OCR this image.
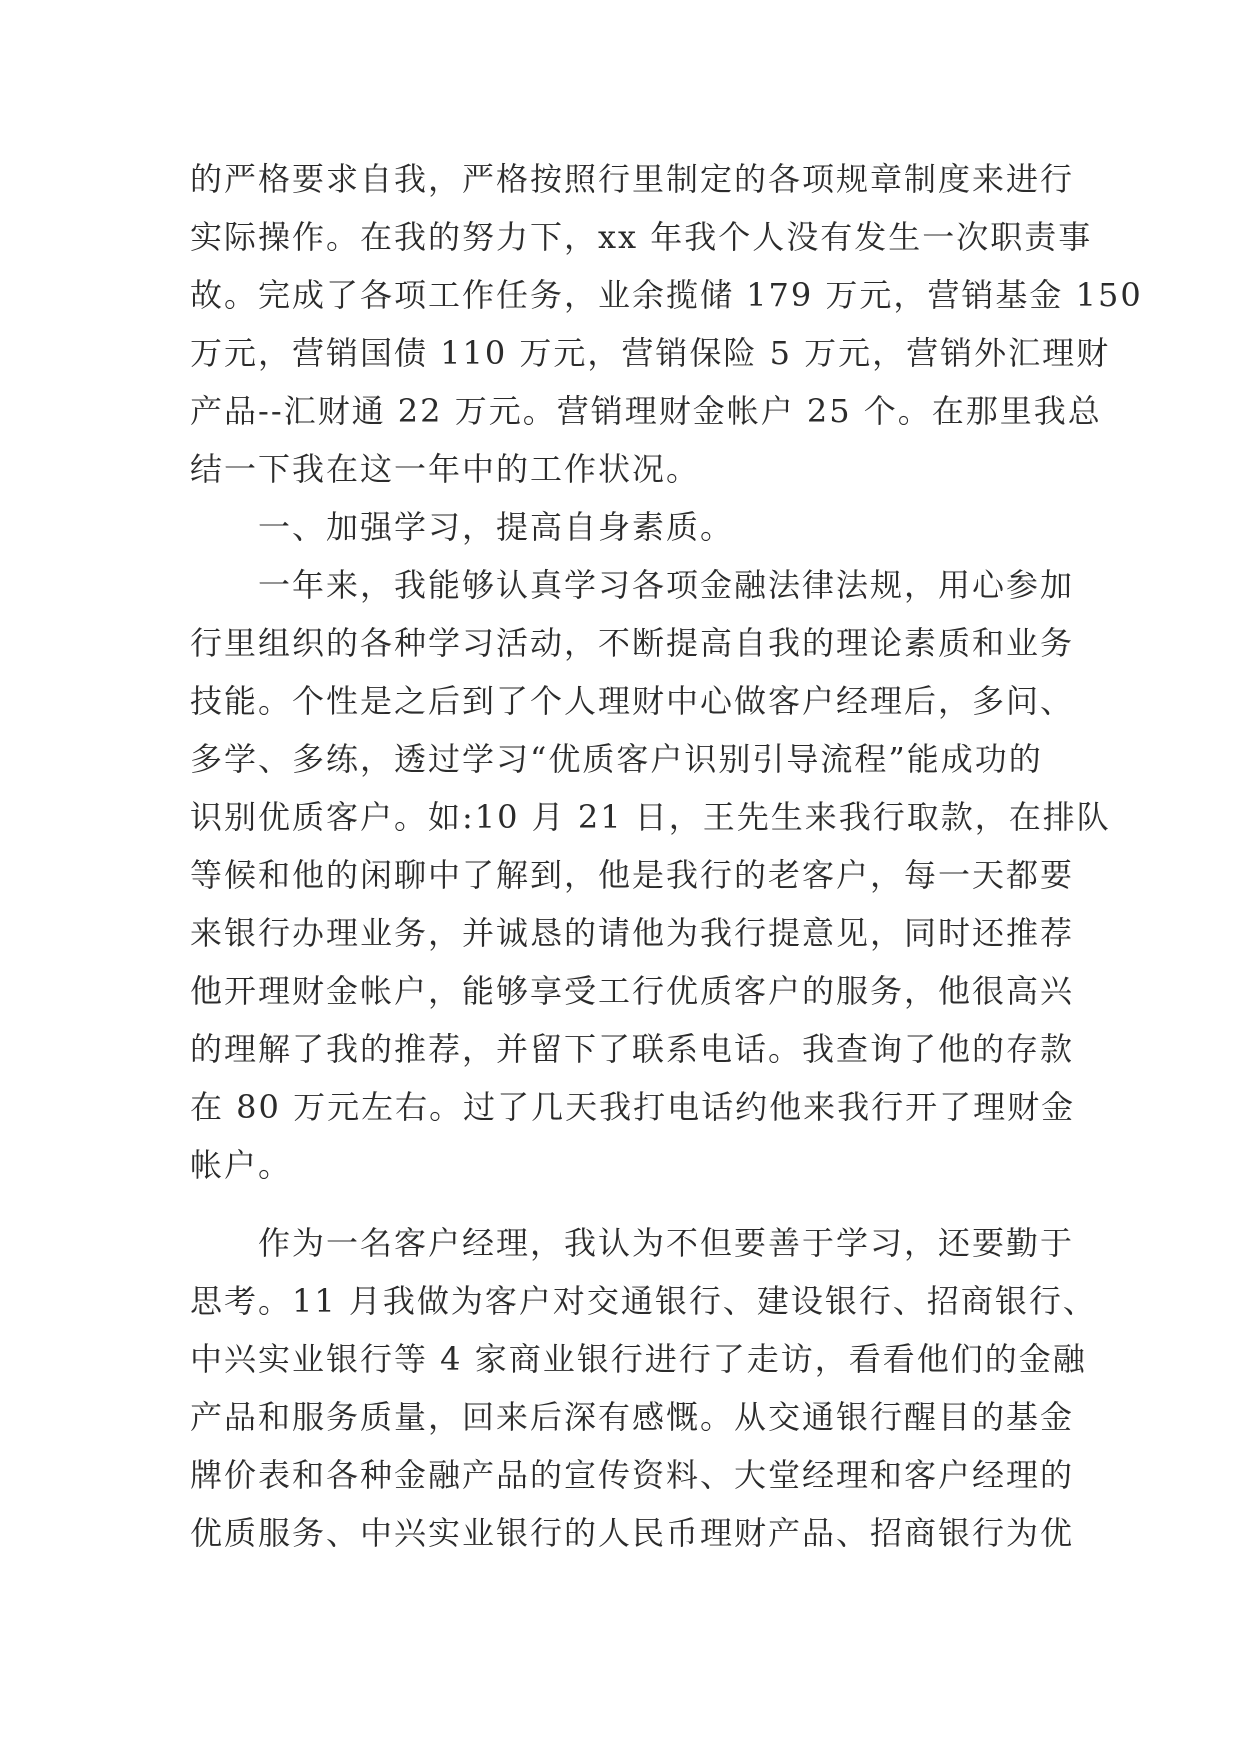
的严格要求自我，严格按照行里制定的各项规章制度来进行
实际操作。在我的努力下，xx 年我个人没有发生一次职责事
故。完成了各项工作任务，业余揽储 179 万元，营销基金 150
万元，营销国债 110 万元，营销保险 5 万元，营销外汇理财
产品--汇财通 22 万元。营销理财金帐户 25 个。在那里我总
结一下我在这一年中的工作状况。
一、加强学习，提高自身素质。
一年来，我能够认真学习各项金融法律法规，用心参加
行里组织的各种学习活动，不断提高自我的理论素质和业务
技能。个性是之后到了个人理财中心做客户经理后，多问、
多学、多练，透过学习“优质客户识别引导流程”能成功的
识别优质客户。如:10 月 21 日，王先生来我行取款，在排队
等候和他的闲聊中了解到，他是我行的老客户，每一天都要
来银行办理业务，并诚恳的请他为我行提意见，同时还推荐
他开理财金帐户，能够享受工行优质客户的服务，他很高兴
的理解了我的推荐，并留下了联系电话。我查询了他的存款
在 80 万元左右。过了几天我打电话约他来我行开了理财金
帐户。
作为一名客户经理，我认为不但要善于学习，还要勤于
思考。11 月我做为客户对交通银行、建设银行、招商银行、
中兴实业银行等 4 家商业银行进行了走访，看看他们的金融
产品和服务质量，回来后深有感慨。从交通银行醒目的基金
牌价表和各种金融产品的宣传资料、大堂经理和客户经理的
优质服务、中兴实业银行的人民币理财产品、招商银行为优
